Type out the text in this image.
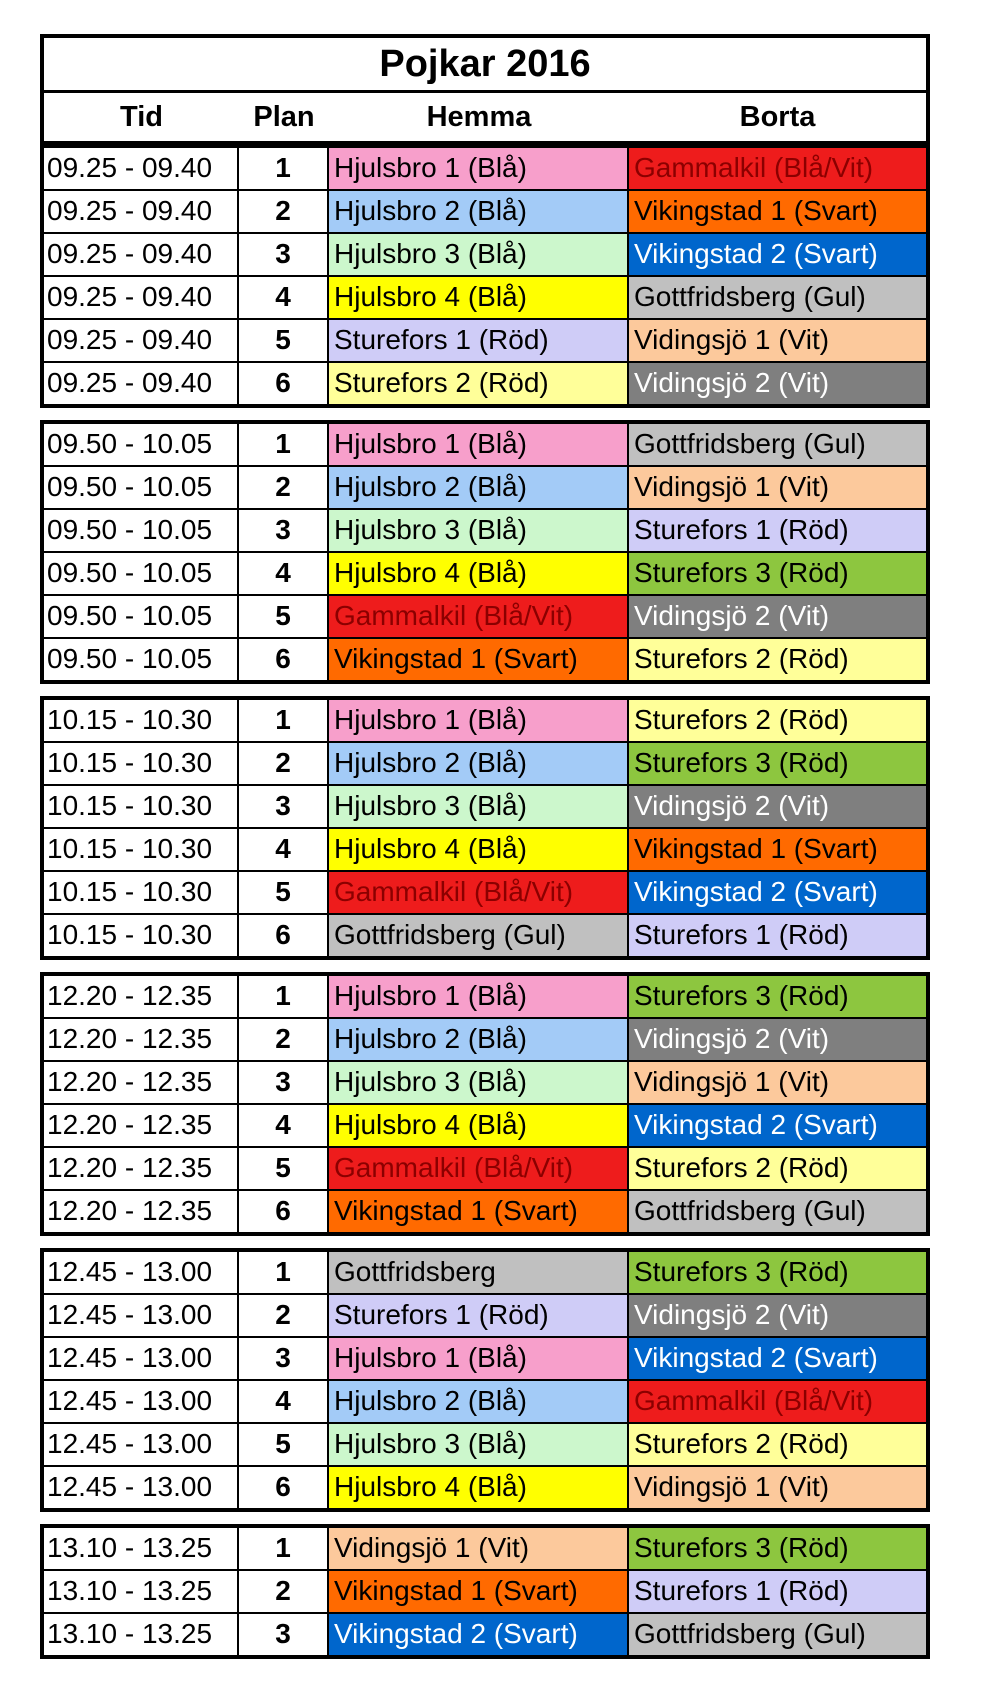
Pojkar 2016
Tid	Plan	Hemma	Borta
09.25 - 09.40	1	Hjulsbro 1 (Blå)	Gammalkil (Blå/Vit)
09.25 - 09.40	2	Hjulsbro 2 (Blå)	Vikingstad 1 (Svart)
09.25 - 09.40	3	Hjulsbro 3 (Blå)	Vikingstad 2 (Svart)
09.25 - 09.40	4	Hjulsbro 4 (Blå)	Gottfridsberg (Gul)
09.25 - 09.40	5	Sturefors 1 (Röd)	Vidingsjö 1 (Vit)
09.25 - 09.40	6	Sturefors 2 (Röd)	Vidingsjö 2 (Vit)
09.50 - 10.05	1	Hjulsbro 1 (Blå)	Gottfridsberg (Gul)
09.50 - 10.05	2	Hjulsbro 2 (Blå)	Vidingsjö 1 (Vit)
09.50 - 10.05	3	Hjulsbro 3 (Blå)	Sturefors 1 (Röd)
09.50 - 10.05	4	Hjulsbro 4 (Blå)	Sturefors 3 (Röd)
09.50 - 10.05	5	Gammalkil (Blå/Vit)	Vidingsjö 2 (Vit)
09.50 - 10.05	6	Vikingstad 1 (Svart)	Sturefors 2 (Röd)
10.15 - 10.30	1	Hjulsbro 1 (Blå)	Sturefors 2 (Röd)
10.15 - 10.30	2	Hjulsbro 2 (Blå)	Sturefors 3 (Röd)
10.15 - 10.30	3	Hjulsbro 3 (Blå)	Vidingsjö 2 (Vit)
10.15 - 10.30	4	Hjulsbro 4 (Blå)	Vikingstad 1 (Svart)
10.15 - 10.30	5	Gammalkil (Blå/Vit)	Vikingstad 2 (Svart)
10.15 - 10.30	6	Gottfridsberg (Gul)	Sturefors 1 (Röd)
12.20 - 12.35	1	Hjulsbro 1 (Blå)	Sturefors 3 (Röd)
12.20 - 12.35	2	Hjulsbro 2 (Blå)	Vidingsjö 2 (Vit)
12.20 - 12.35	3	Hjulsbro 3 (Blå)	Vidingsjö 1 (Vit)
12.20 - 12.35	4	Hjulsbro 4 (Blå)	Vikingstad 2 (Svart)
12.20 - 12.35	5	Gammalkil (Blå/Vit)	Sturefors 2 (Röd)
12.20 - 12.35	6	Vikingstad 1 (Svart)	Gottfridsberg (Gul)
12.45 - 13.00	1	Gottfridsberg	Sturefors 3 (Röd)
12.45 - 13.00	2	Sturefors 1 (Röd)	Vidingsjö 2 (Vit)
12.45 - 13.00	3	Hjulsbro 1 (Blå)	Vikingstad 2 (Svart)
12.45 - 13.00	4	Hjulsbro 2 (Blå)	Gammalkil (Blå/Vit)
12.45 - 13.00	5	Hjulsbro 3 (Blå)	Sturefors 2 (Röd)
12.45 - 13.00	6	Hjulsbro 4 (Blå)	Vidingsjö 1 (Vit)
13.10 - 13.25	1	Vidingsjö 1 (Vit)	Sturefors 3 (Röd)
13.10 - 13.25	2	Vikingstad 1 (Svart)	Sturefors 1 (Röd)
13.10 - 13.25	3	Vikingstad 2 (Svart)	Gottfridsberg (Gul)
